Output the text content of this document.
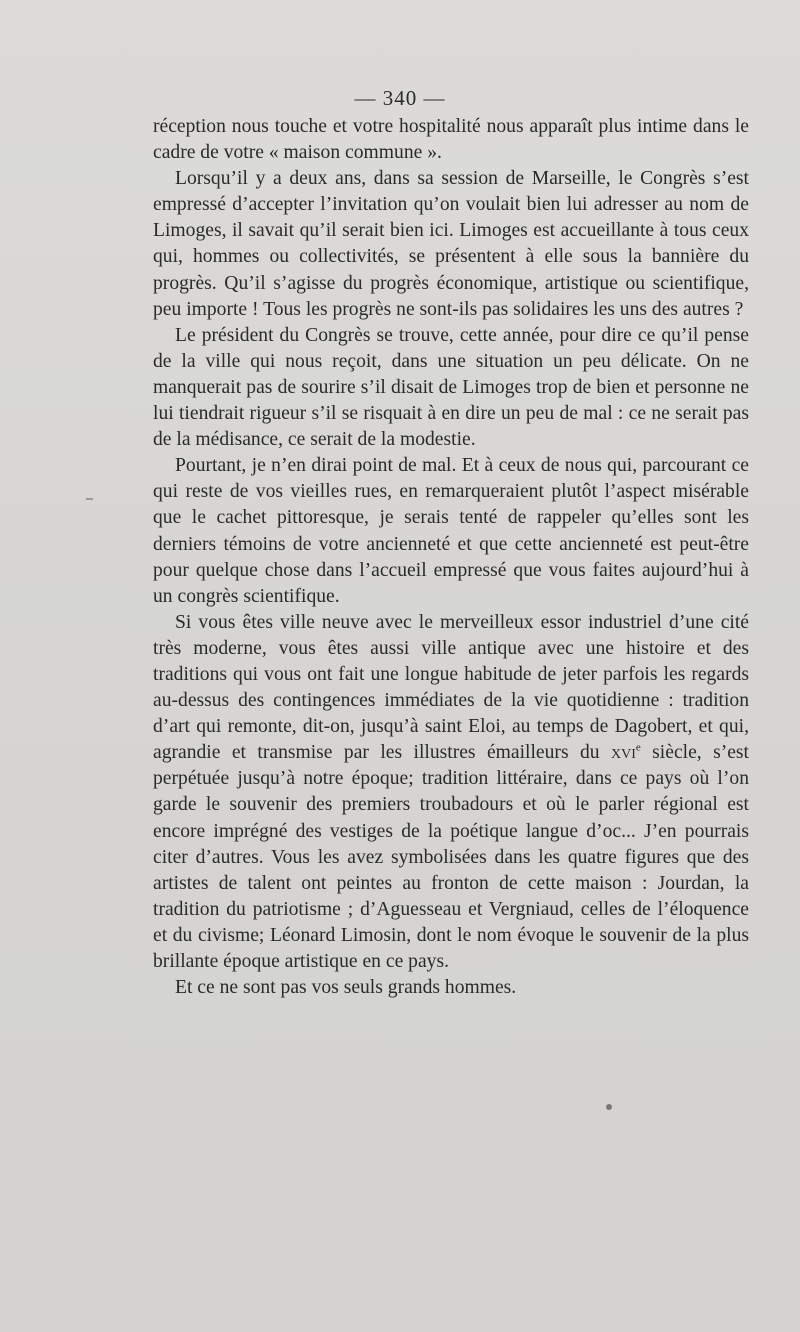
— 340 —

réception nous touche et votre hospitalité nous apparaît plus intime dans le cadre de votre « maison commune ».

Lorsqu’il y a deux ans, dans sa session de Marseille, le Congrès s’est empressé d’accepter l’invitation qu’on voulait bien lui adresser au nom de Limoges, il savait qu’il serait bien ici. Limoges est accueillante à tous ceux qui, hommes ou collectivités, se présentent à elle sous la bannière du progrès. Qu’il s’agisse du progrès économique, artistique ou scientifique, peu importe ! Tous les progrès ne sont-ils pas solidaires les uns des autres ?

Le président du Congrès se trouve, cette année, pour dire ce qu’il pense de la ville qui nous reçoit, dans une situation un peu délicate. On ne manquerait pas de sourire s’il disait de Limoges trop de bien et personne ne lui tiendrait rigueur s’il se risquait à en dire un peu de mal : ce ne serait pas de la médisance, ce serait de la modestie.

Pourtant, je n’en dirai point de mal. Et à ceux de nous qui, parcourant ce qui reste de vos vieilles rues, en remarqueraient plutôt l’aspect misérable que le cachet pittoresque, je serais tenté de rappeler qu’elles sont les derniers témoins de votre ancienneté et que cette ancienneté est peut-être pour quelque chose dans l’accueil empressé que vous faites aujourd’hui à un congrès scientifique.

Si vous êtes ville neuve avec le merveilleux essor industriel d’une cité très moderne, vous êtes aussi ville antique avec une histoire et des traditions qui vous ont fait une longue habitude de jeter parfois les regards au-dessus des contingences immédiates de la vie quotidienne : tradition d’art qui remonte, dit-on, jusqu’à saint Eloi, au temps de Dagobert, et qui, agrandie et transmise par les illustres émailleurs du xvi$^e$ siècle, s’est perpétuée jusqu’à notre époque; tradition littéraire, dans ce pays où l’on garde le souvenir des premiers troubadours et où le parler régional est encore imprégné des vestiges de la poétique langue d’oc... J’en pourrais citer d’autres. Vous les avez symbolisées dans les quatre figures que des artistes de talent ont peintes au fronton de cette maison : Jourdan, la tradition du patriotisme ; d’Aguesseau et Vergniaud, celles de l’éloquence et du civisme; Léonard Limosin, dont le nom évoque le souvenir de la plus brillante époque artistique en ce pays.

Et ce ne sont pas vos seuls grands hommes.
